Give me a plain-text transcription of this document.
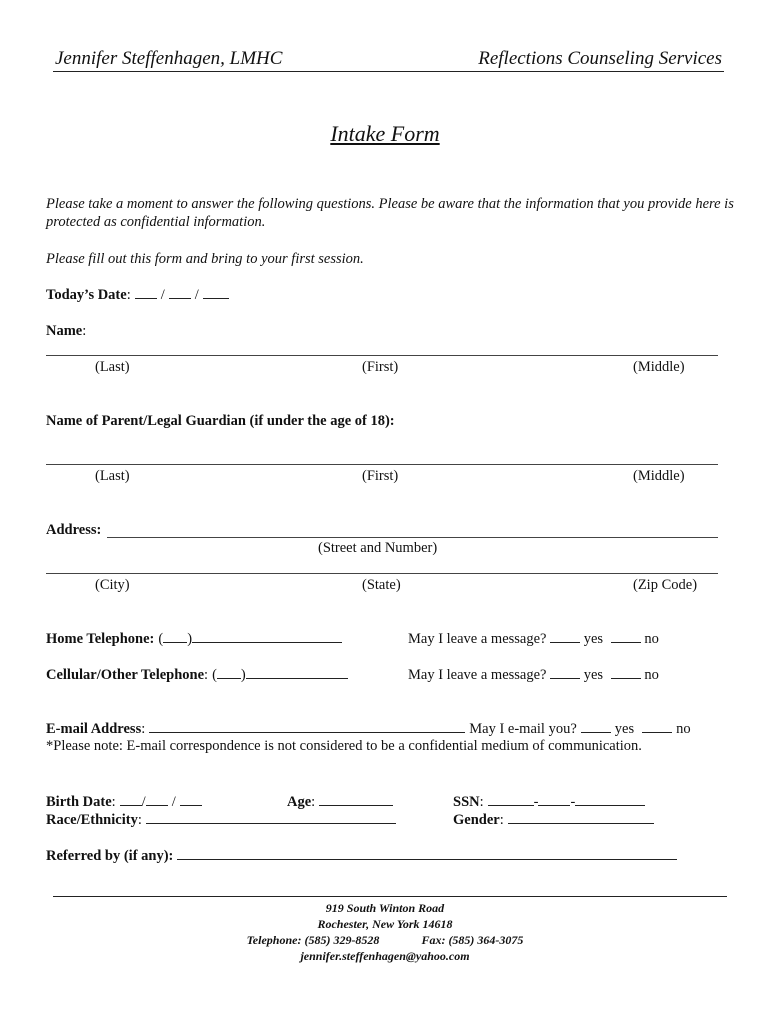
Jennifer Steffenhagen, LMHC	Reflections Counseling Services
Intake Form
Please take a moment to answer the following questions. Please be aware that the information that you provide here is protected as confidential information.
Please fill out this form and bring to your first session.
Today’s Date: / /
Name:
(Last)	(First)	(Middle)
Name of Parent/Legal Guardian (if under the age of 18):
(Last)	(First)	(Middle)
Address:
(Street and Number)
(City)	(State)	(Zip Code)
Home Telephone: ( )	May I leave a message?	yes	no
Cellular/Other Telephone: ( )	May I leave a message?	yes	no
E-mail Address:	May I e-mail you?	yes	no
*Please note: E-mail correspondence is not considered to be a confidential medium of communication.
Birth Date: / /	Age:	SSN:	- -
Race/Ethnicity:	Gender:
Referred by (if any):
919 South Winton Road
Rochester, New York 14618
Telephone: (585) 329-8528	Fax: (585) 364-3075
jennifer.steffenhagen@yahoo.com
